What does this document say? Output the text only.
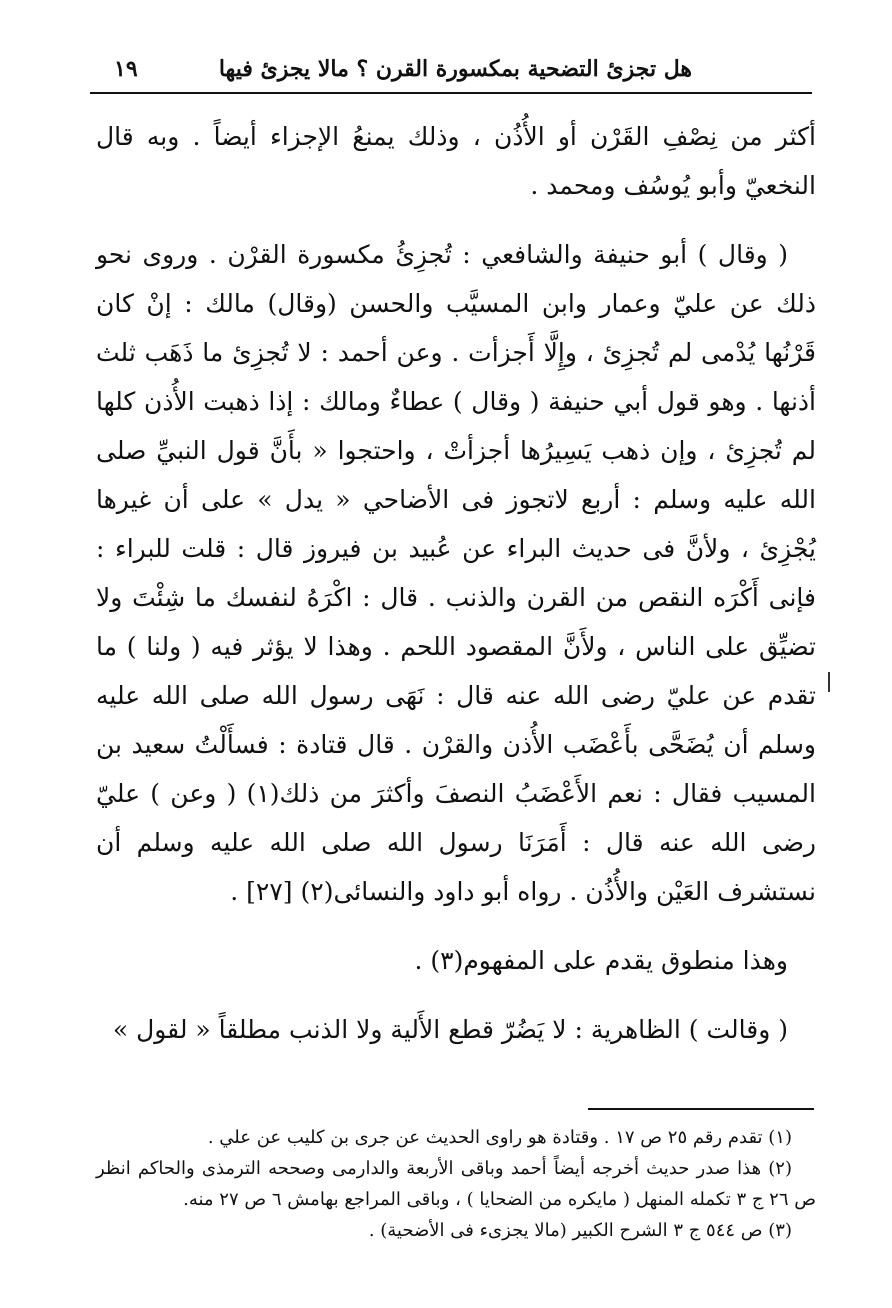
هل تجزئ التضحية بمكسورة القرن ؟ مالا يجزئ فيها
١٩

أكثر من نِصْفِ القَرْن أو الأُذُن ، وذلك يمنعُ الإجزاء أيضاً . وبه قال النخعيّ وأبو يُوسُف ومحمد .

( وقال ) أبو حنيفة والشافعي : تُجزِئُ مكسورة القرْن . وروى نحو ذلك عن عليّ وعمار وابن المسيَّب والحسن (وقال) مالك : إنْ كان قَرْنُها يُدْمى لم تُجزِئ ، وإِلَّا أَجزأت . وعن أحمد : لا تُجزِئ ما ذَهَب ثلث أذنها . وهو قول أبي حنيفة ( وقال ) عطاءٌ ومالك : إذا ذهبت الأُذن كلها لم تُجزِئ ، وإن ذهب يَسِيرُها أجزأتْ ، واحتجوا « بأَنَّ قول النبيِّ صلى الله عليه وسلم : أربع لاتجوز فى الأضاحي « يدل » على أن غيرها يُجْزِئ ، ولأنَّ فى حديث البراء عن عُبيد بن فيروز قال : قلت للبراء : فإنى أَكْرَه النقص من القرن والذنب . قال : اكْرَهُ لنفسك ما شِئْتَ ولا تضيِّق على الناس ، ولأَنَّ المقصود اللحم . وهذا لا يؤثر فيه ( ولنا ) ما تقدم عن عليّ رضى الله عنه قال : نَهَى رسول الله صلى الله عليه وسلم أن يُضَحَّى بأَعْضَب الأُذن والقرْن . قال قتادة : فسأَلْتُ سعيد بن المسيب فقال : نعم الأَعْضَبُ النصفَ وأكثرَ من ذلك(١) ( وعن ) عليّ رضى الله عنه قال : أَمَرَنَا رسول الله صلى الله عليه وسلم أن نستشرف العَيْن والأُذُن . رواه أبو داود والنسائى(٢) [٢٧] .

وهذا منطوق يقدم على المفهوم(٣) .

( وقالت ) الظاهرية : لا يَضُرّ قطع الأَلية ولا الذنب مطلقاً « لقول »

(١) تقدم رقم ٢٥ ص ١٧ . وقتادة هو راوى الحديث عن جرى بن كليب عن علي .

(٢) هذا صدر حديث أخرجه أيضاً أحمد وباقى الأربعة والدارمى وصححه الترمذى والحاكم انظر ص ٢٦ ج ٣ تكمله المنهل ( مايكره من الضحايا ) ، وباقى المراجع بهامش ٦ ص ٢٧ منه.

(٣) ص ٥٤٤ ج ٣ الشرح الكبير (مالا يجزىء فى الأضحية) .
